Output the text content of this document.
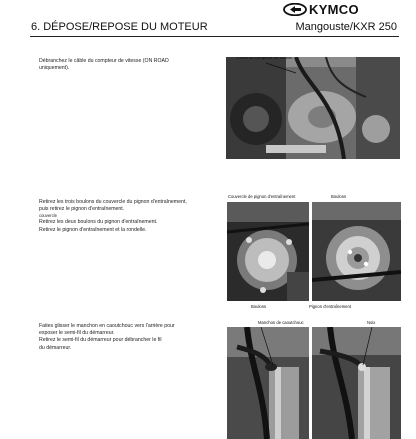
KYMCO
6. DÉPOSE/REPOSE DU MOTEUR	Mangouste/KXR 250
Débranchez le câble du compteur de vitesse (ON ROAD
uniquement).
Câble du compteur de vitesse
Retirez les trois boulons du couvercle du pignon d'entraînement,
puis retirez le pignon d'entraînement.
couvercle
Retirez les deux boulons du pignon d'entraînement.
Retirez le pignon d'entraînement et la rondelle.
Couvercle de pignon d'entraînement	Boulons
Boulons	Pignon d'entraînement
Faites glisser le manchon en caoutchouc vers l'arrière pour
exposer le semi-fil du démarreur.
Retirez le semi-fil du démarreur pour débrancher le fil
du démarreur.
Manchon de caoutchouc	Noix
